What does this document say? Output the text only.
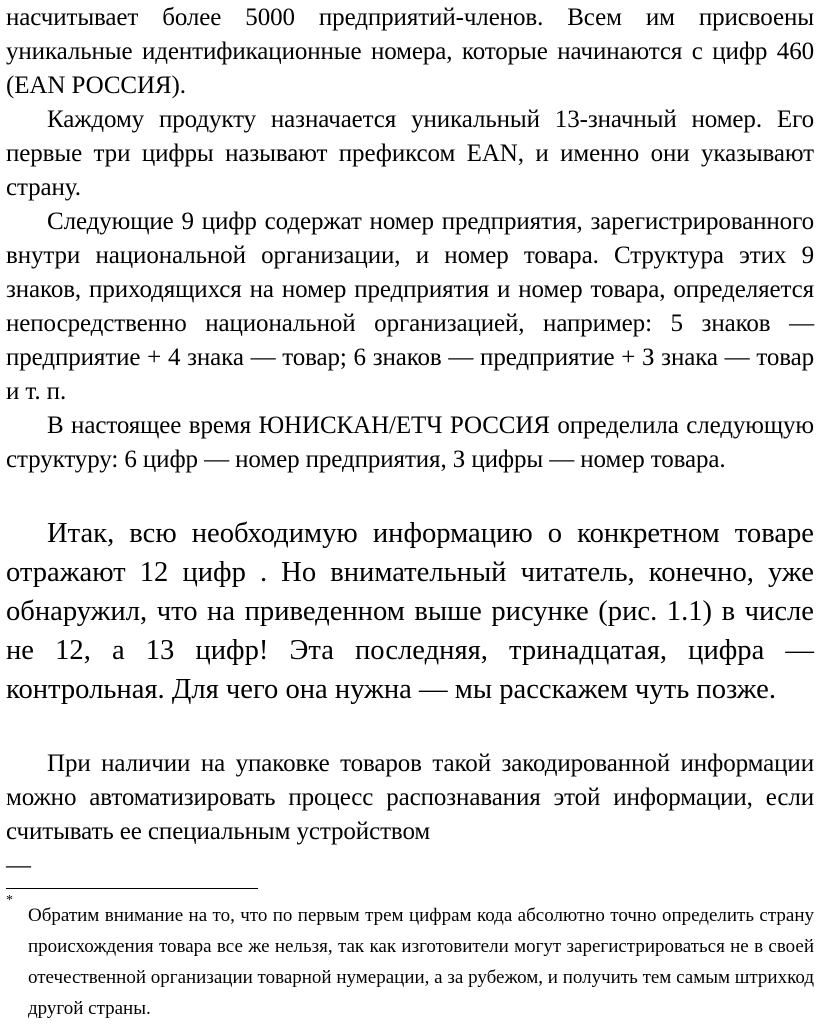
насчитывает более 5000 предприятий-членов. Всем им присвоены уникальные идентификационные номера, которые начинаются с цифр 460 (EAN РОССИЯ).

Каждому продукту назначается уникальный 13-значный номер. Его первые три цифры называют префиксом EAN, и именно они указывают страну.

Следующие 9 цифр содержат номер предприятия, зарегистрированного внутри национальной организации, и номер товара. Структура этих 9 знаков, приходящихся на номер предприятия и номер товара, определяется непосредственно национальной организацией, например: 5 знаков — предприятие + 4 знака — товар; 6 знаков — предприятие + З знака — товар и т. п.

В настоящее время ЮНИСКАН/ЕТЧ РОССИЯ определила следующую структуру: 6 цифр — номер предприятия, З цифры — номер товара.

Итак, всю необходимую информацию о конкретном товаре отражают 12 цифр . Но внимательный читатель, конечно, уже обнаружил, что на приведенном выше рисунке (рис. 1.1) в числе не 12, а 13 цифр! Эта последняя, тринадцатая, цифра — контрольная. Для чего она нужна — мы расскажем чуть позже.

При наличии на упаковке товаров такой закодированной информации можно автоматизировать процесс распознавания этой информации, если считывать ее специальным устройством

—
*

Обратим внимание на то, что по первым трем цифрам кода абсолютно точно определить страну происхождения товара все же нельзя, так как изготовители могут зарегистрироваться не в своей отечественной организации товарной нумерации, а за рубежом, и получить тем самым штрихкод другой страны.
